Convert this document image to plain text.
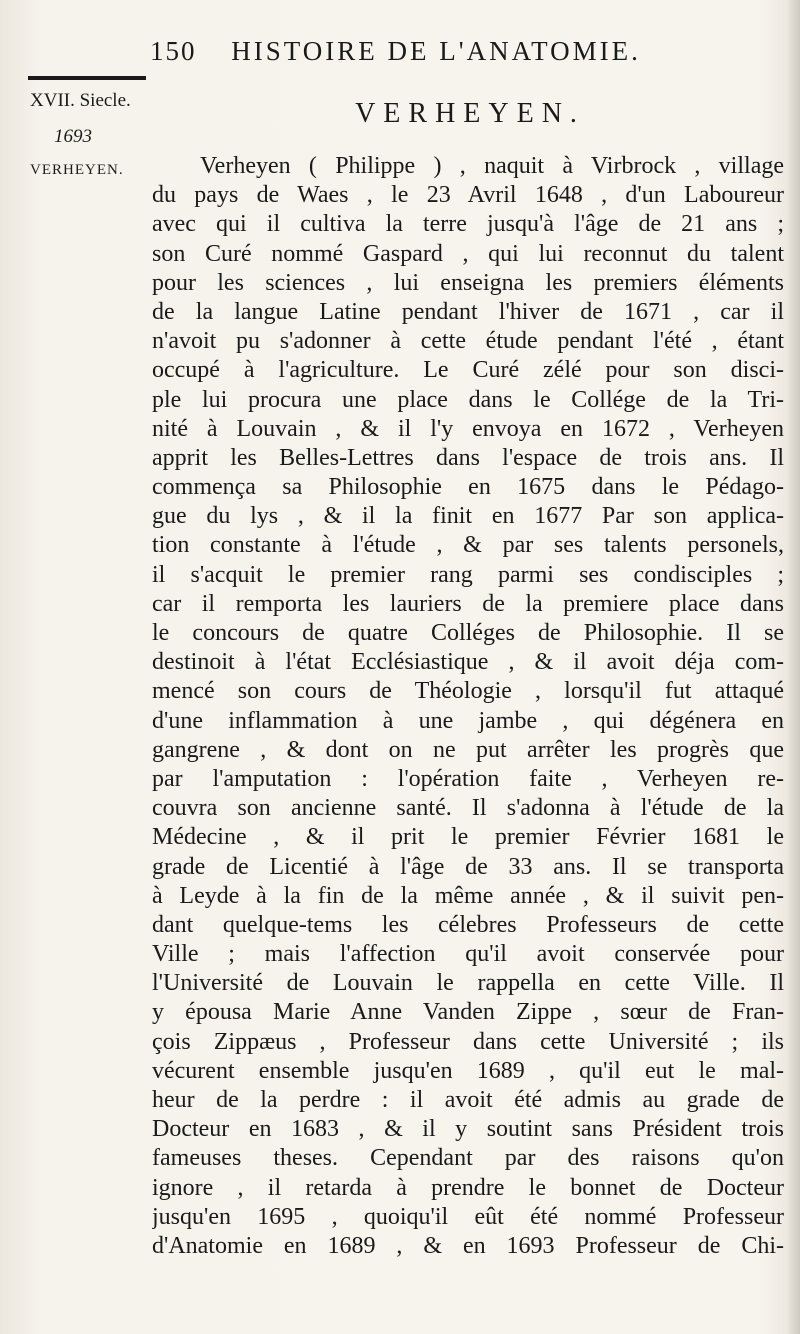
150 HISTOIRE DE L'ANATOMIE.
XVII. Siecle.
1693
VERHEYEN.
VERHEYEN.
Verheyen ( Philippe ) , naquit à Virbrock , village
du pays de Waes , le 23 Avril 1648 , d'un Laboureur
avec qui il cultiva la terre jusqu'à l'âge de 21 ans ;
son Curé nommé Gaspard , qui lui reconnut du talent
pour les sciences , lui enseigna les premiers éléments
de la langue Latine pendant l'hiver de 1671 , car il
n'avoit pu s'adonner à cette étude pendant l'été , étant
occupé à l'agriculture. Le Curé zélé pour son disci-
ple lui procura une place dans le Collége de la Tri-
nité à Louvain , & il l'y envoya en 1672 , Verheyen
apprit les Belles-Lettres dans l'espace de trois ans. Il
commença sa Philosophie en 1675 dans le Pédago-
gue du lys , & il la finit en 1677 Par son applica-
tion constante à l'étude , & par ses talents personels,
il s'acquit le premier rang parmi ses condisciples ;
car il remporta les lauriers de la premiere place dans
le concours de quatre Colléges de Philosophie. Il se
destinoit à l'état Ecclésiastique , & il avoit déja com-
mencé son cours de Théologie , lorsqu'il fut attaqué
d'une inflammation à une jambe , qui dégénera en
gangrene , & dont on ne put arrêter les progrès que
par l'amputation : l'opération faite , Verheyen re-
couvra son ancienne santé. Il s'adonna à l'étude de la
Médecine , & il prit le premier Février 1681 le
grade de Licentié à l'âge de 33 ans. Il se transporta
à Leyde à la fin de la même année , & il suivit pen-
dant quelque-tems les célebres Professeurs de cette
Ville ; mais l'affection qu'il avoit conservée pour
l'Université de Louvain le rappella en cette Ville. Il
y épousa Marie Anne Vanden Zippe , sœur de Fran-
çois Zippæus , Professeur dans cette Université ; ils
vécurent ensemble jusqu'en 1689 , qu'il eut le mal-
heur de la perdre : il avoit été admis au grade de
Docteur en 1683 , & il y soutint sans Président trois
fameuses theses. Cependant par des raisons qu'on
ignore , il retarda à prendre le bonnet de Docteur
jusqu'en 1695 , quoiqu'il eût été nommé Professeur
d'Anatomie en 1689 , & en 1693 Professeur de Chi-
